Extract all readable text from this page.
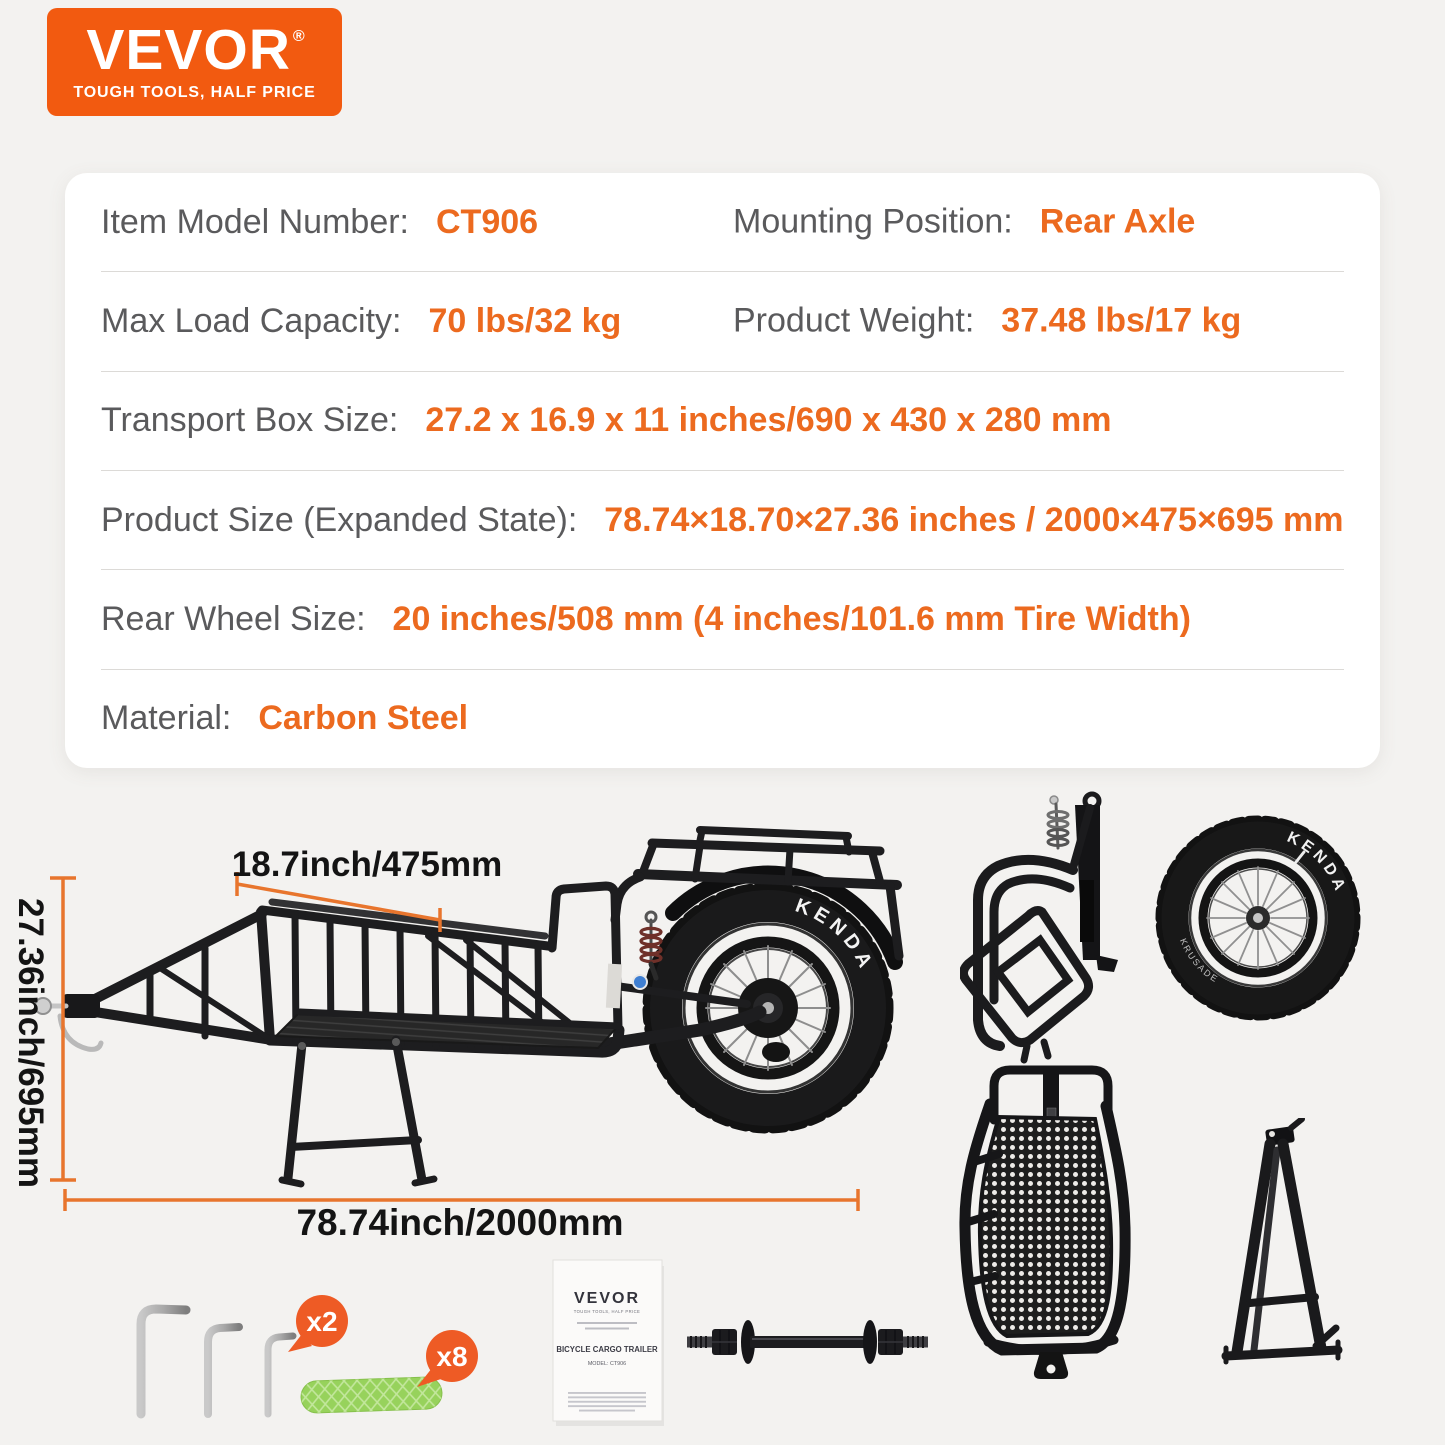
VEVOR ®
TOUGH TOOLS, HALF PRICE
Item Model Number: CT906	Mounting Position: Rear Axle
Max Load Capacity: 70 lbs/32 kg	Product Weight: 37.48 lbs/17 kg
Transport Box Size: 27.2 x 16.9 x 11 inches/690 x 430 x 280 mm
Product Size (Expanded State): 78.74×18.70×27.36 inches / 2000×475×695 mm
Rear Wheel Size: 20 inches/508 mm (4 inches/101.6 mm Tire Width)
Material: Carbon Steel
KENDA
18.7inch/475mm
27.36inch/695mm
78.74inch/2000mm
KENDA
KRUSADE
x2
x8
VEVOR
TOUGH TOOLS, HALF PRICE
BICYCLE CARGO TRAILER
MODEL: CT906
